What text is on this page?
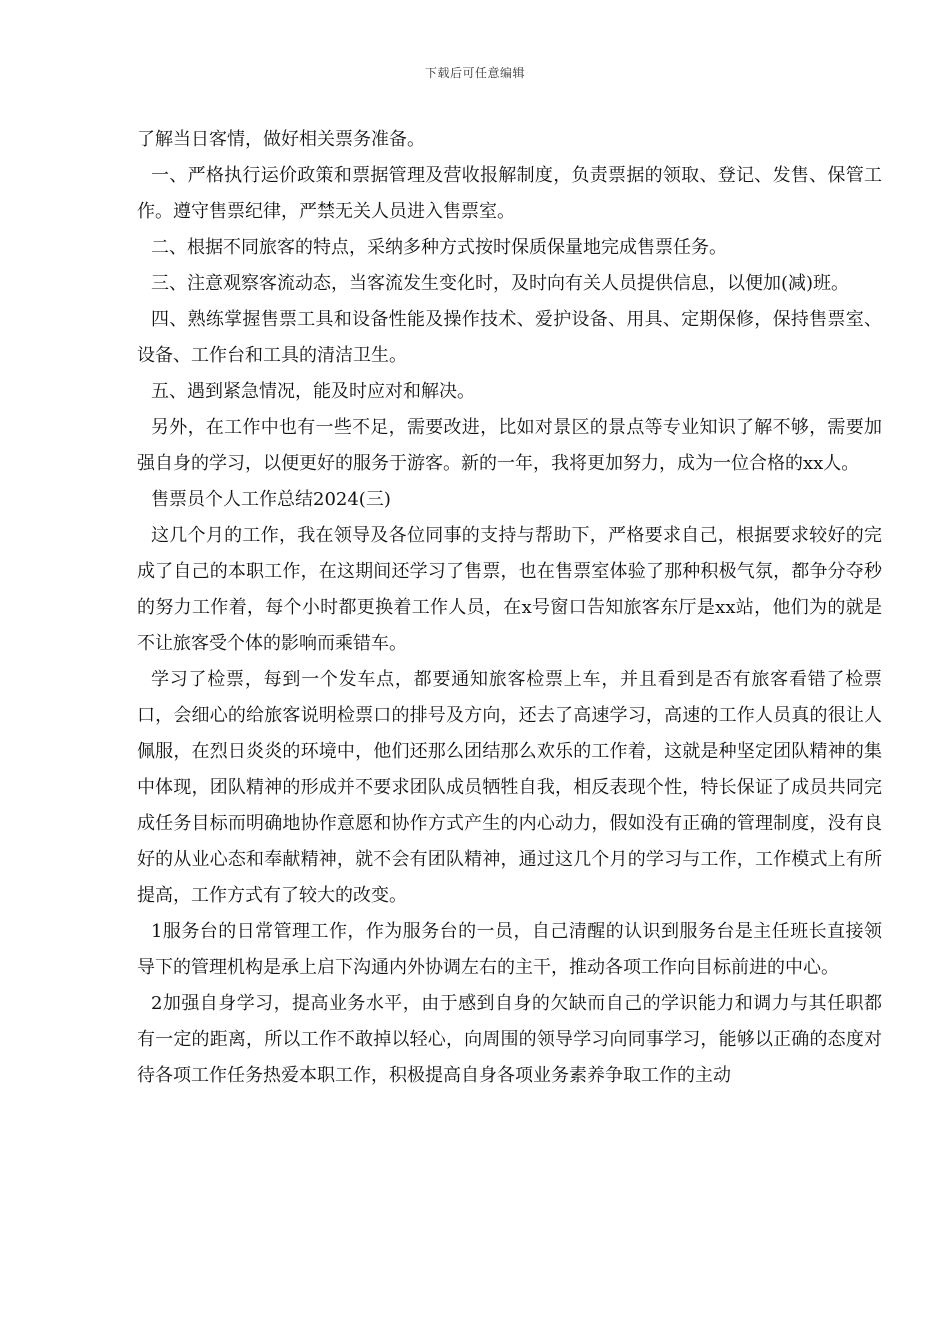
下载后可任意编辑

了解当日客情，做好相关票务准备。

一、严格执行运价政策和票据管理及营收报解制度，负责票据的领取、登记、发售、保管工作。遵守售票纪律，严禁无关人员进入售票室。

二、根据不同旅客的特点，采纳多种方式按时保质保量地完成售票任务。

三、注意观察客流动态，当客流发生变化时，及时向有关人员提供信息，以便加(减)班。

四、熟练掌握售票工具和设备性能及操作技术、爱护设备、用具、定期保修，保持售票室、设备、工作台和工具的清洁卫生。

五、遇到紧急情况，能及时应对和解决。

另外，在工作中也有一些不足，需要改进，比如对景区的景点等专业知识了解不够，需要加强自身的学习，以便更好的服务于游客。新的一年，我将更加努力，成为一位合格的xx人。

售票员个人工作总结2024(三)

这几个月的工作，我在领导及各位同事的支持与帮助下，严格要求自己，根据要求较好的完成了自己的本职工作，在这期间还学习了售票，也在售票室体验了那种积极气氛，都争分夺秒的努力工作着，每个小时都更换着工作人员，在x号窗口告知旅客东厅是xx站，他们为的就是不让旅客受个体的影响而乘错车。

学习了检票，每到一个发车点，都要通知旅客检票上车，并且看到是否有旅客看错了检票口，会细心的给旅客说明检票口的排号及方向，还去了高速学习，高速的工作人员真的很让人佩服，在烈日炎炎的环境中，他们还那么团结那么欢乐的工作着，这就是种坚定团队精神的集中体现，团队精神的形成并不要求团队成员牺牲自我，相反表现个性，特长保证了成员共同完成任务目标而明确地协作意愿和协作方式产生的内心动力，假如没有正确的管理制度，没有良好的从业心态和奉献精神，就不会有团队精神，通过这几个月的学习与工作，工作模式上有所提高，工作方式有了较大的改变。

1服务台的日常管理工作，作为服务台的一员，自己清醒的认识到服务台是主任班长直接领导下的管理机构是承上启下沟通内外协调左右的主干，推动各项工作向目标前进的中心。

2加强自身学习，提高业务水平，由于感到自身的欠缺而自己的学识能力和调力与其任职都有一定的距离，所以工作不敢掉以轻心，向周围的领导学习向同事学习，能够以正确的态度对待各项工作任务热爱本职工作，积极提高自身各项业务素养争取工作的主动
